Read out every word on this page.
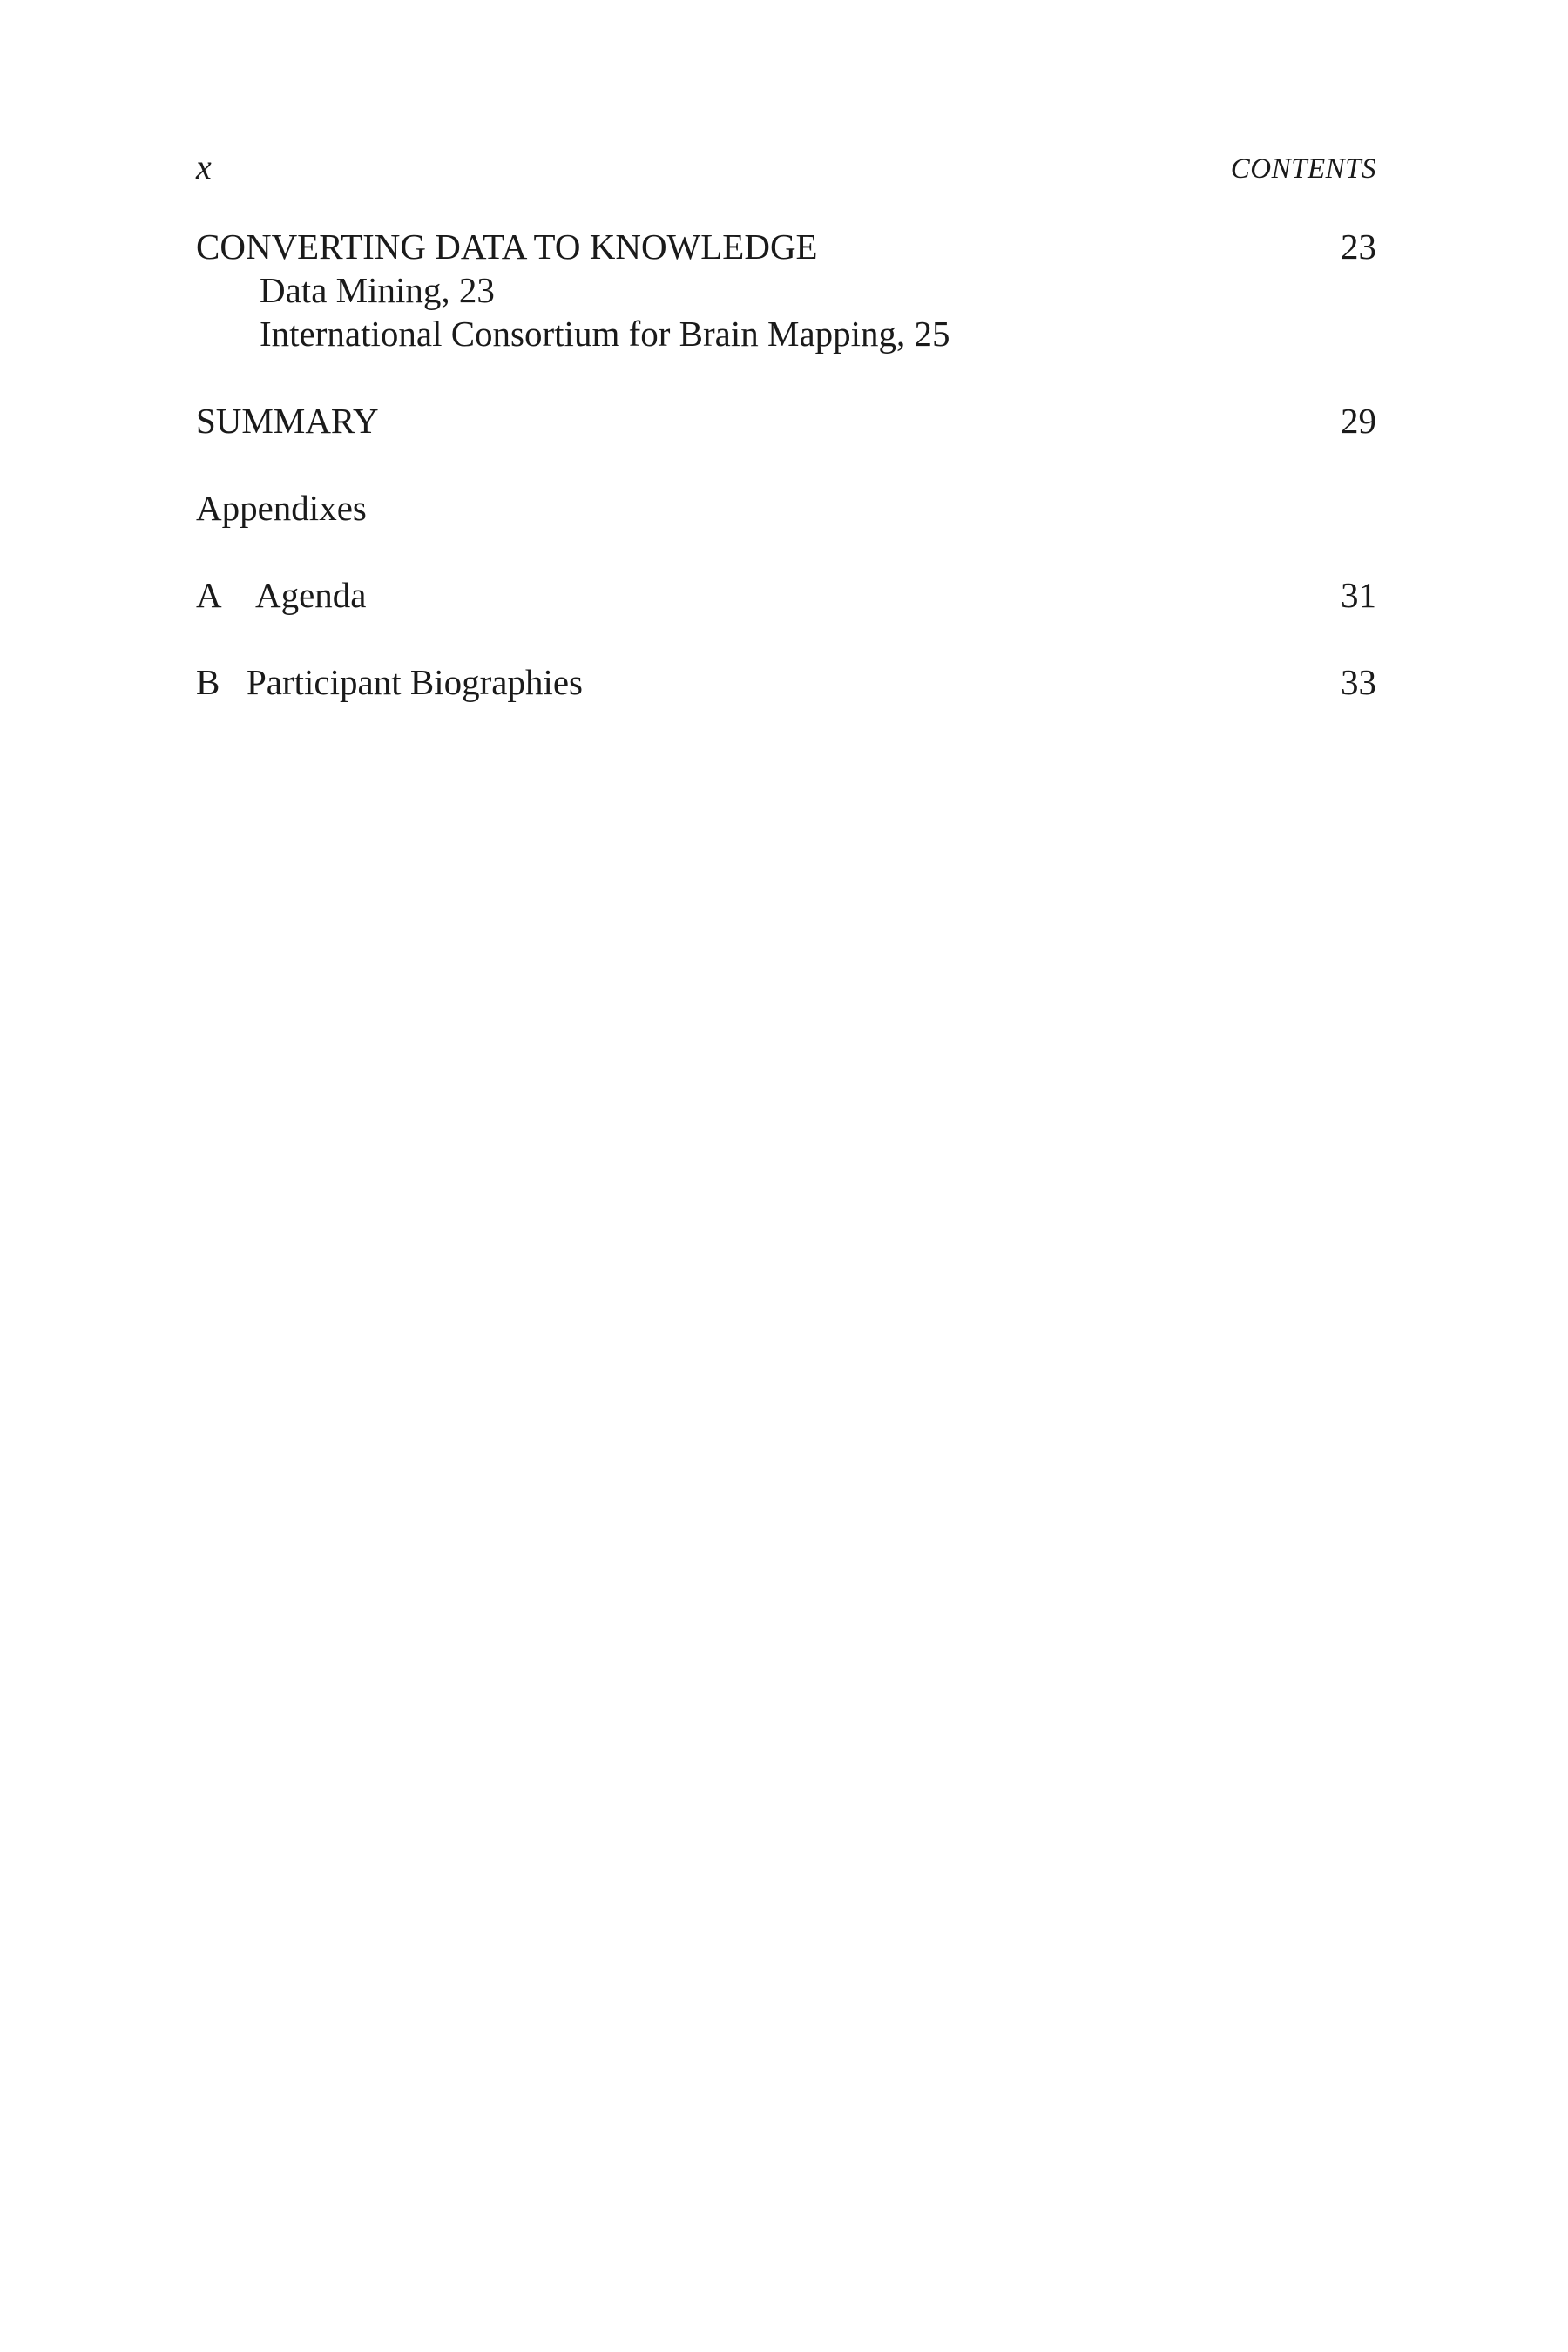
x	CONTENTS
CONVERTING DATA TO KNOWLEDGE	23
Data Mining, 23
International Consortium for Brain Mapping, 25
SUMMARY	29
Appendixes
A Agenda	31
B Participant Biographies	33
